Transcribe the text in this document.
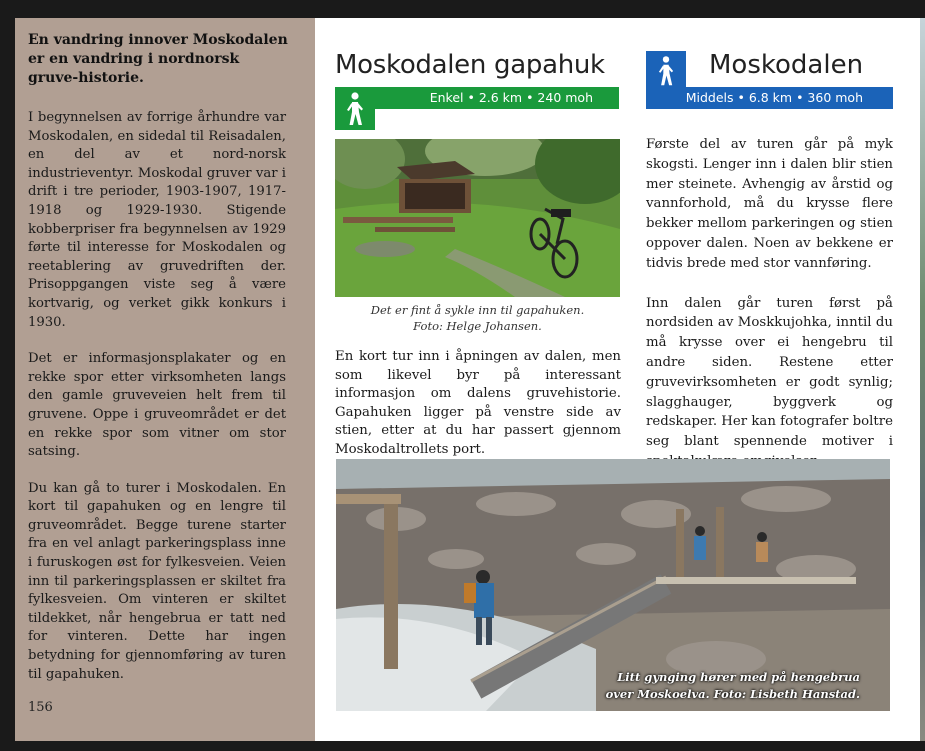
En vandring innover Moskodalen er en vandring i nordnorsk gruve-historie.

I begynnelsen av forrige århundre var Moskodalen, en sidedal til Reisadalen, en del av et nord-norsk industrieventyr. Moskodal gruver var i drift i tre perioder, 1903-1907, 1917-1918 og 1929-1930. Stigende kobberpriser fra begynnelsen av 1929 førte til interesse for Moskodalen og reetablering av gruvedriften der. Prisoppgangen viste seg å være kortvarig, og verket gikk konkurs i 1930.

Det er informasjonsplakater og en rekke spor etter virksomheten langs den gamle gruveveien helt frem til gruvene. Oppe i gruveområdet er det en rekke spor som vitner om stor satsing.

Du kan gå to turer i Moskodalen. En kort til gapahuken og en lengre til gruveområdet. Begge turene starter fra en vel anlagt parkeringsplass inne i furuskogen øst for fylkesveien. Veien inn til parkeringsplassen er skiltet fra fylkesveien. Om vinteren er skiltet tildekket, når hengebrua er tatt ned for vinteren. Dette har ingen betydning for gjennomføring av turen til gapahuken.

156
Moskodalen gapahuk
Enkel • 2.6 km • 240 moh
Moskodalen
Middels • 6.8 km • 360 moh
Det er fint å sykle inn til gapahuken.
Foto: Helge Johansen.
En kort tur inn i åpningen av dalen, men som likevel byr på interessant informasjon om dalens gruvehistorie. Gapahuken ligger på venstre side av stien, etter at du har passert gjennom Moskodaltrollets port.

Første del av turen går på myk skogsti. Lenger inn i dalen blir stien mer steinete. Avhengig av årstid og vannforhold, må du krysse flere bekker mellom parkeringen og stien oppover dalen. Noen av bekkene er tidvis brede med stor vannføring.

Inn dalen går turen først på nordsiden av Moskkujohka, inntil du må krysse over ei hengebru til andre siden. Restene etter gruvevirksomheten er godt synlig; slagghauger, byggverk og redskaper. Her kan fotografer boltre seg blant spennende motiver i

Litt gynging hører med på hengebrua
over Moskoelva. Foto: Lisbeth Hanstad.
